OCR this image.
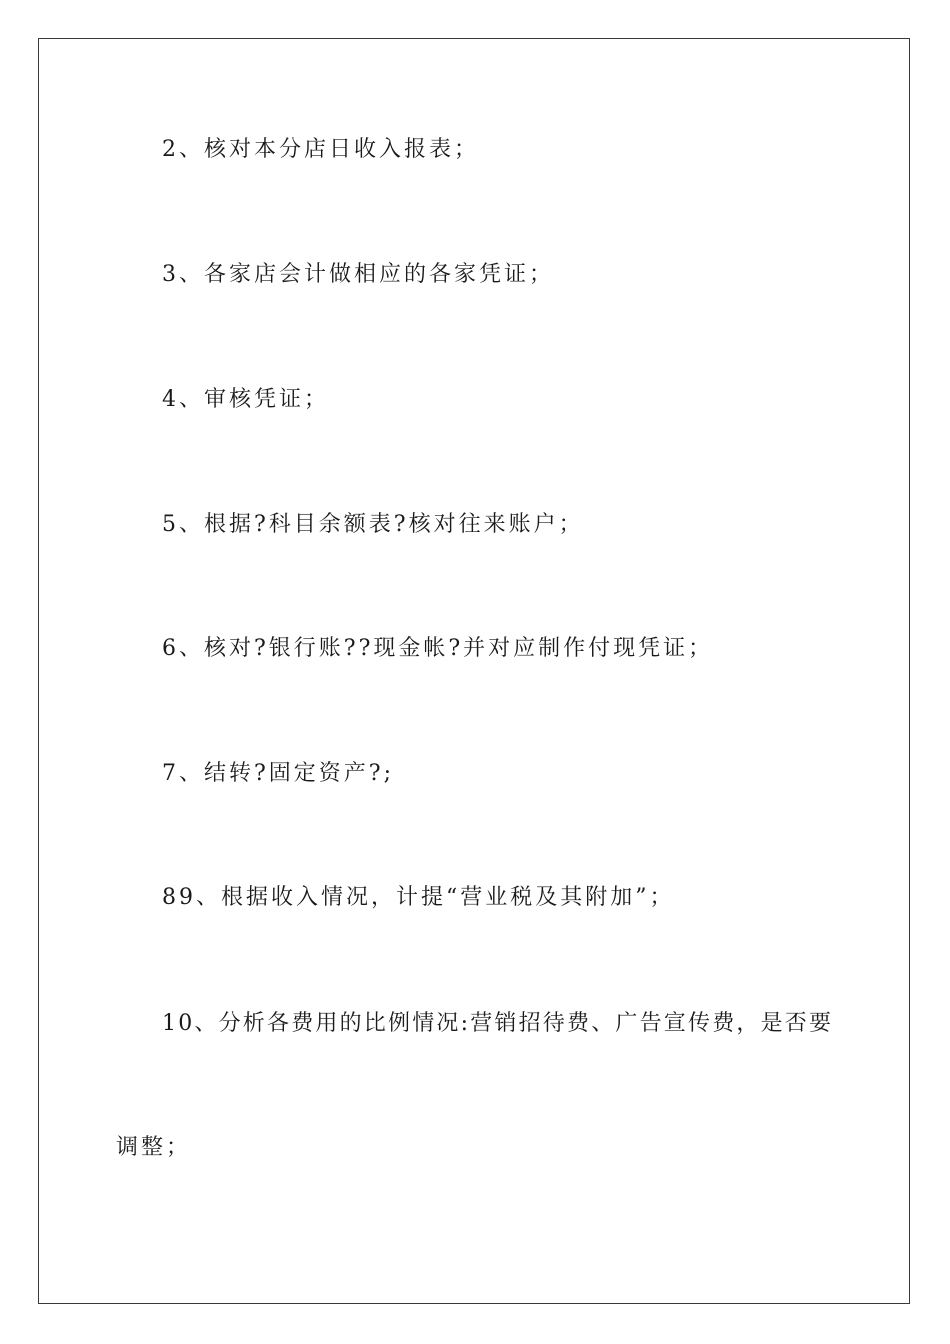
2、核对本分店日收入报表；
3、各家店会计做相应的各家凭证；
4、审核凭证；
5、根据?科目余额表?核对往来账户；
6、核对?银行账??现金帐?并对应制作付现凭证；
7、结转?固定资产?;
89、根据收入情况，计提“营业税及其附加”；
10、分析各费用的比例情况:营销招待费、广告宣传费，是否要
调整；
